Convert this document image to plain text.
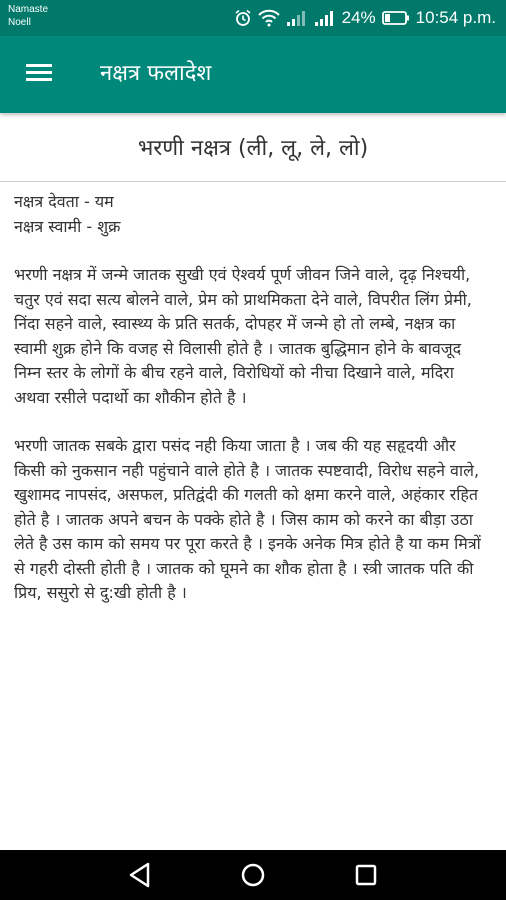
Namaste
Noell	24% 10:54 p.m.
नक्षत्र फलादेश
भरणी नक्षत्र (ली, लू, ले, लो)

नक्षत्र देवता - यम

नक्षत्र स्वामी - शुक्र

भरणी नक्षत्र में जन्मे जातक सुखी एवं ऐश्वर्य पूर्ण जीवन जिने वाले, दृढ़ निश्चयी, चतुर एवं सदा सत्य बोलने वाले, प्रेम को प्राथमिकता देने वाले, विपरीत लिंग प्रेमी, निंदा सहने वाले, स्वास्थ्य के प्रति सतर्क, दोपहर में जन्मे हो तो लम्बे, नक्षत्र का स्वामी शुक्र होने कि वजह से विलासी होते है । जातक बुद्धिमान होने के बावजूद निम्न स्तर के लोगों के बीच रहने वाले, विरोधियों को नीचा दिखाने वाले, मदिरा अथवा रसीले पदार्थो का शौकीन होते है ।

भरणी जातक सबके द्वारा पसंद नही किया जाता है । जब की यह सहृदयी और किसी को नुकसान नही पहुंचाने वाले होते है । जातक स्पष्टवादी, विरोध सहने वाले, खुशामद नापसंद, असफल, प्रतिद्वंदी की गलती को क्षमा करने वाले, अहंकार रहित होते है । जातक अपने बचन के पक्के होते है । जिस काम को करने का बीड़ा उठा लेते है उस काम को समय पर पूरा करते है । इनके अनेक मित्र होते है या कम मित्रों से गहरी दोस्ती होती है । जातक को घूमने का शौक होता है । स्त्री जातक पति की प्रिय, ससुरो से दु:खी होती है ।
